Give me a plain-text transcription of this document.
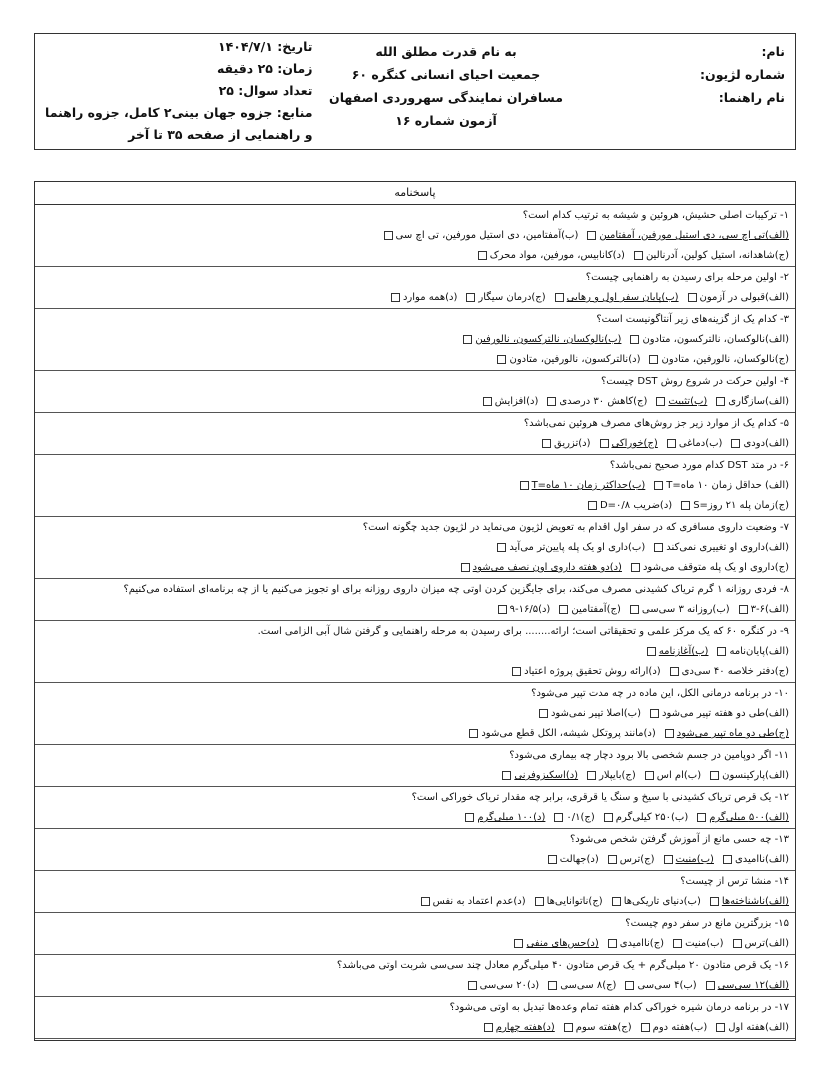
نام:
شماره لژیون:
نام راهنما:
به نام قدرت مطلق الله
جمعیت احیای انسانی کنگره ۶۰
مسافران نمایندگی سهروردی اصفهان
آزمون شماره ۱۶
تاریخ: ۱۴۰۴/۷/۱
زمان: ۲۵ دقیقه
تعداد سوال: ۲۵
منابع: جزوه جهان بینی۲ کامل، جزوه راهنما
و راهنمایی از صفحه ۳۵ تا آخر
پاسخنامه
۱- ترکیبات اصلی حشیش، هروئین و شیشه به ترتیب کدام است؟
(الف)تی اچ سی، دی استیل مورفین، آمفتامین(ب)آمفتامین، دی استیل مورفین، تی اچ سی
(ج)شاهدانه، استیل کولین، آدرنالین(د)کانابیس، مورفین، مواد محرک
۲- اولین مرحله برای رسیدن به راهنمایی چیست؟
(الف)قبولی در آزمون(ب)پایان سفر اول و رهایی(ج)درمان سیگار(د)همه موارد
۳- کدام یک از گزینه‌های زیر آنتاگونیست است؟
(الف)نالوکسان، نالترکسون، متادون(ب)نالوکسان، نالترکسون، نالورفین
(ج)نالوکسان، نالورفین، متادون(د)نالترکسون، نالورفین، متادون
۴- اولین حرکت در شروع روش DST چیست؟
(الف)سازگاری(ب)تثبیت(ج)کاهش ۳۰ درصدی(د)افزایش
۵- کدام یک از موارد زیر جز روش‌های مصرف هروئین نمی‌باشد؟
(الف)دودی(ب)دماغی(ج)خوراکی(د)تزریق
۶- در متد DST کدام مورد صحیح نمی‌باشد؟
(الف) حداقل زمان ۱۰ ماه=T(ب)حداکثر زمان ۱۰ ماه=T
(ج)زمان پله ۲۱ روز=S(د)ضریب D=۰/۸
۷- وضعیت داروی مسافری که در سفر اول اقدام به تعویض لژیون می‌نماید در لژیون جدید چگونه است؟
(الف)داروی او تغییری نمی‌کند(ب)داری او یک پله پایین‌تر می‌آید
(ج)داروی او یک پله متوقف می‌شود(د)دو هفته داروی اون نصف می‌شود
۸- فردی روزانه ۱ گرم تریاک کشیدنی مصرف می‌کند، برای جایگزین کردن اوتی چه میزان داروی روزانه برای او تجویز می‌کنیم یا از چه برنامه‌ای استفاده می‌کنیم؟
(الف)۶-۳(ب)روزانه ۳ سی‌سی(ج)آمفتامین(د)۱۶/۵-۹
۹- در کنگره ۶۰ که یک مرکز علمی و تحقیقاتی است؛ ارائه........ برای رسیدن به مرحله راهنمایی و گرفتن شال آبی الزامی است.
(الف)پایان‌نامه(ب)آغازنامه
(ج)دفتر خلاصه ۴۰ سی‌دی(د)ارائه روش تحقیق پروژه اعتیاد
۱۰- در برنامه درمانی الکل، این ماده در چه مدت تپیر می‌شود؟
(الف)طی دو هفته تپیر می‌شود(ب)اصلا تپیر نمی‌شود
(ج)طی دو ماه تپیر می‌شود(د)مانند پروتکل شیشه، الکل قطع می‌شود
۱۱- اگر دوپامین در جسم شخصی بالا برود دچار چه بیماری می‌شود؟
(الف)پارکینسون(ب)ام اس(ج)بایپلار(د)اسکیزوفرنی
۱۲- یک قرص تریاک کشیدنی با سیخ و سنگ یا قرقری، برابر چه مقدار تریاک خوراکی است؟
(الف)۵۰۰ میلی‌گرم(ب)۲۵۰ کیلی‌گرم(ج)۰/۱(د)۱۰۰ میلی‌گرم
۱۳- چه حسی مانع از آموزش گرفتن شخص می‌شود؟
(الف)ناامیدی(ب)منیت(ج)ترس(د)جهالت
۱۴- منشا ترس از چیست؟
(الف)ناشناخته‌ها(ب)دنیای تاریکی‌ها(ج)ناتوانایی‌ها(د)عدم اعتماد به نفس
۱۵- بزرگترین مانع در سفر دوم چیست؟
(الف)ترس(ب)منیت(ج)ناامیدی(د)حس‌های منفی
۱۶- یک قرص متادون ۲۰ میلی‌گرم + یک قرص متادون ۴۰ میلی‌گرم معادل چند سی‌سی شربت اوتی می‌باشد؟
(الف)۱۲ سی‌سی(ب)۴ سی‌سی(ج)۸ سی‌سی(د)۲۰ سی‌سی
۱۷- در برنامه درمان شیره خوراکی کدام هفته تمام وعده‌ها تبدیل به اوتی می‌شود؟
(الف)هفته اول(ب)هفته دوم(ج)هفته سوم(د)هفته چهارم
